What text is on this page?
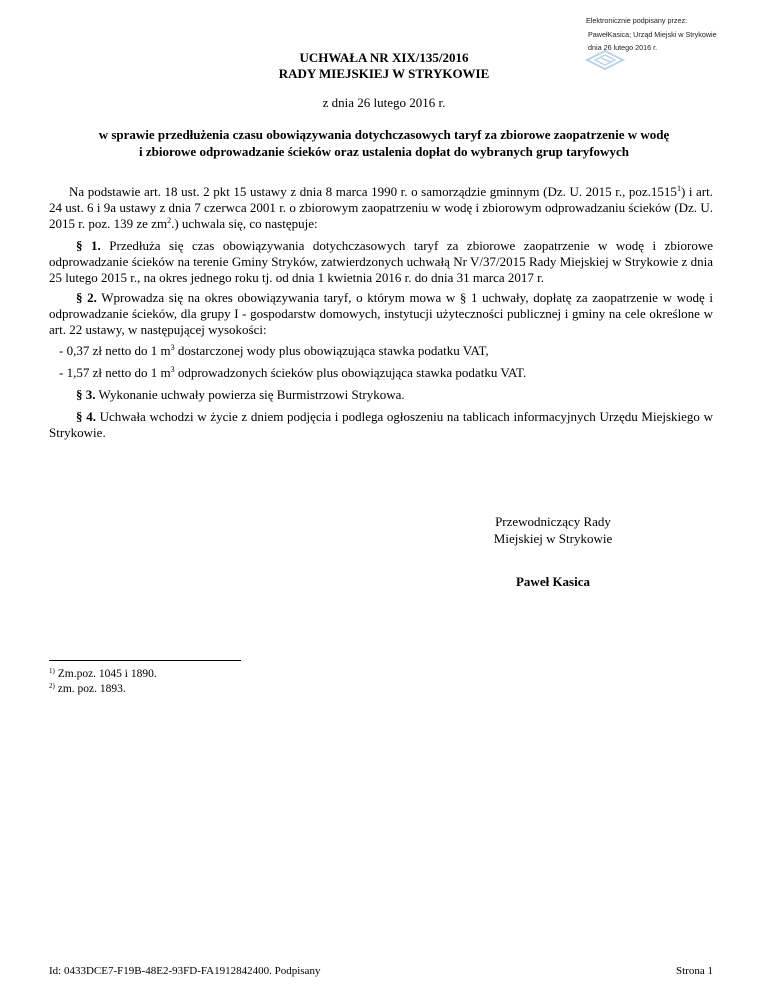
Elektronicznie podpisany przez:
PawełKasica; Urząd Miejski w Strykowie
dnia 26 lutego 2016 r.
UCHWAŁA NR XIX/135/2016
RADY MIEJSKIEJ W STRYKOWIE
z dnia 26 lutego 2016 r.
w sprawie przedłużenia czasu obowiązywania dotychczasowych taryf za zbiorowe zaopatrzenie w wodę
i zbiorowe odprowadzanie ścieków oraz ustalenia dopłat do wybranych grup taryfowych

Na podstawie art. 18 ust. 2 pkt 15 ustawy z dnia 8 marca 1990 r. o samorządzie gminnym (Dz. U. 2015 r., poz.1515$^1$) i art. 24 ust. 6 i 9a ustawy z dnia 7 czerwca 2001 r. o zbiorowym zaopatrzeniu w wodę i zbiorowym odprowadzaniu ścieków (Dz. U. 2015 r. poz. 139 ze $zm^2$.) uchwala się, co następuje:

§ 1. Przedłuża się czas obowiązywania dotychczasowych taryf za zbiorowe zaopatrzenie w wodę i zbiorowe odprowadzanie ścieków na terenie Gminy Stryków, zatwierdzonych uchwałą Nr V/37/2015 Rady Miejskiej w Strykowie z dnia 25 lutego 2015 r., na okres jednego roku tj. od dnia 1 kwietnia 2016 r. do dnia 31 marca 2017 r.

§ 2. Wprowadza się na okres obowiązywania taryf, o którym mowa w § 1 uchwały, dopłatę za zaopatrzenie w wodę i odprowadzanie ścieków, dla grupy I - gospodarstw domowych, instytucji użyteczności publicznej i gminy na cele określone w art. 22 ustawy, w następującej wysokości:

- 0,37 zł netto do 1 $m^3$ dostarczonej wody plus obowiązująca stawka podatku VAT,
- 1,57 zł netto do 1 $m^3$ odprowadzonych ścieków plus obowiązująca stawka podatku VAT.

§ 3. Wykonanie uchwały powierza się Burmistrzowi Strykowa.

§ 4. Uchwała wchodzi w życie z dniem podjęcia i podlega ogłoszeniu na tablicach informacyjnych Urzędu Miejskiego w Strykowie.

Przewodniczący Rady
Miejskiej w Strykowie
Paweł Kasica
$^{1)}$ Zm.poz. 1045 i 1890.
$^{2)}$ zm. poz. 1893.
Id: 0433DCE7-F19B-48E2-93FD-FA1912842400. Podpisany	Strona 1
